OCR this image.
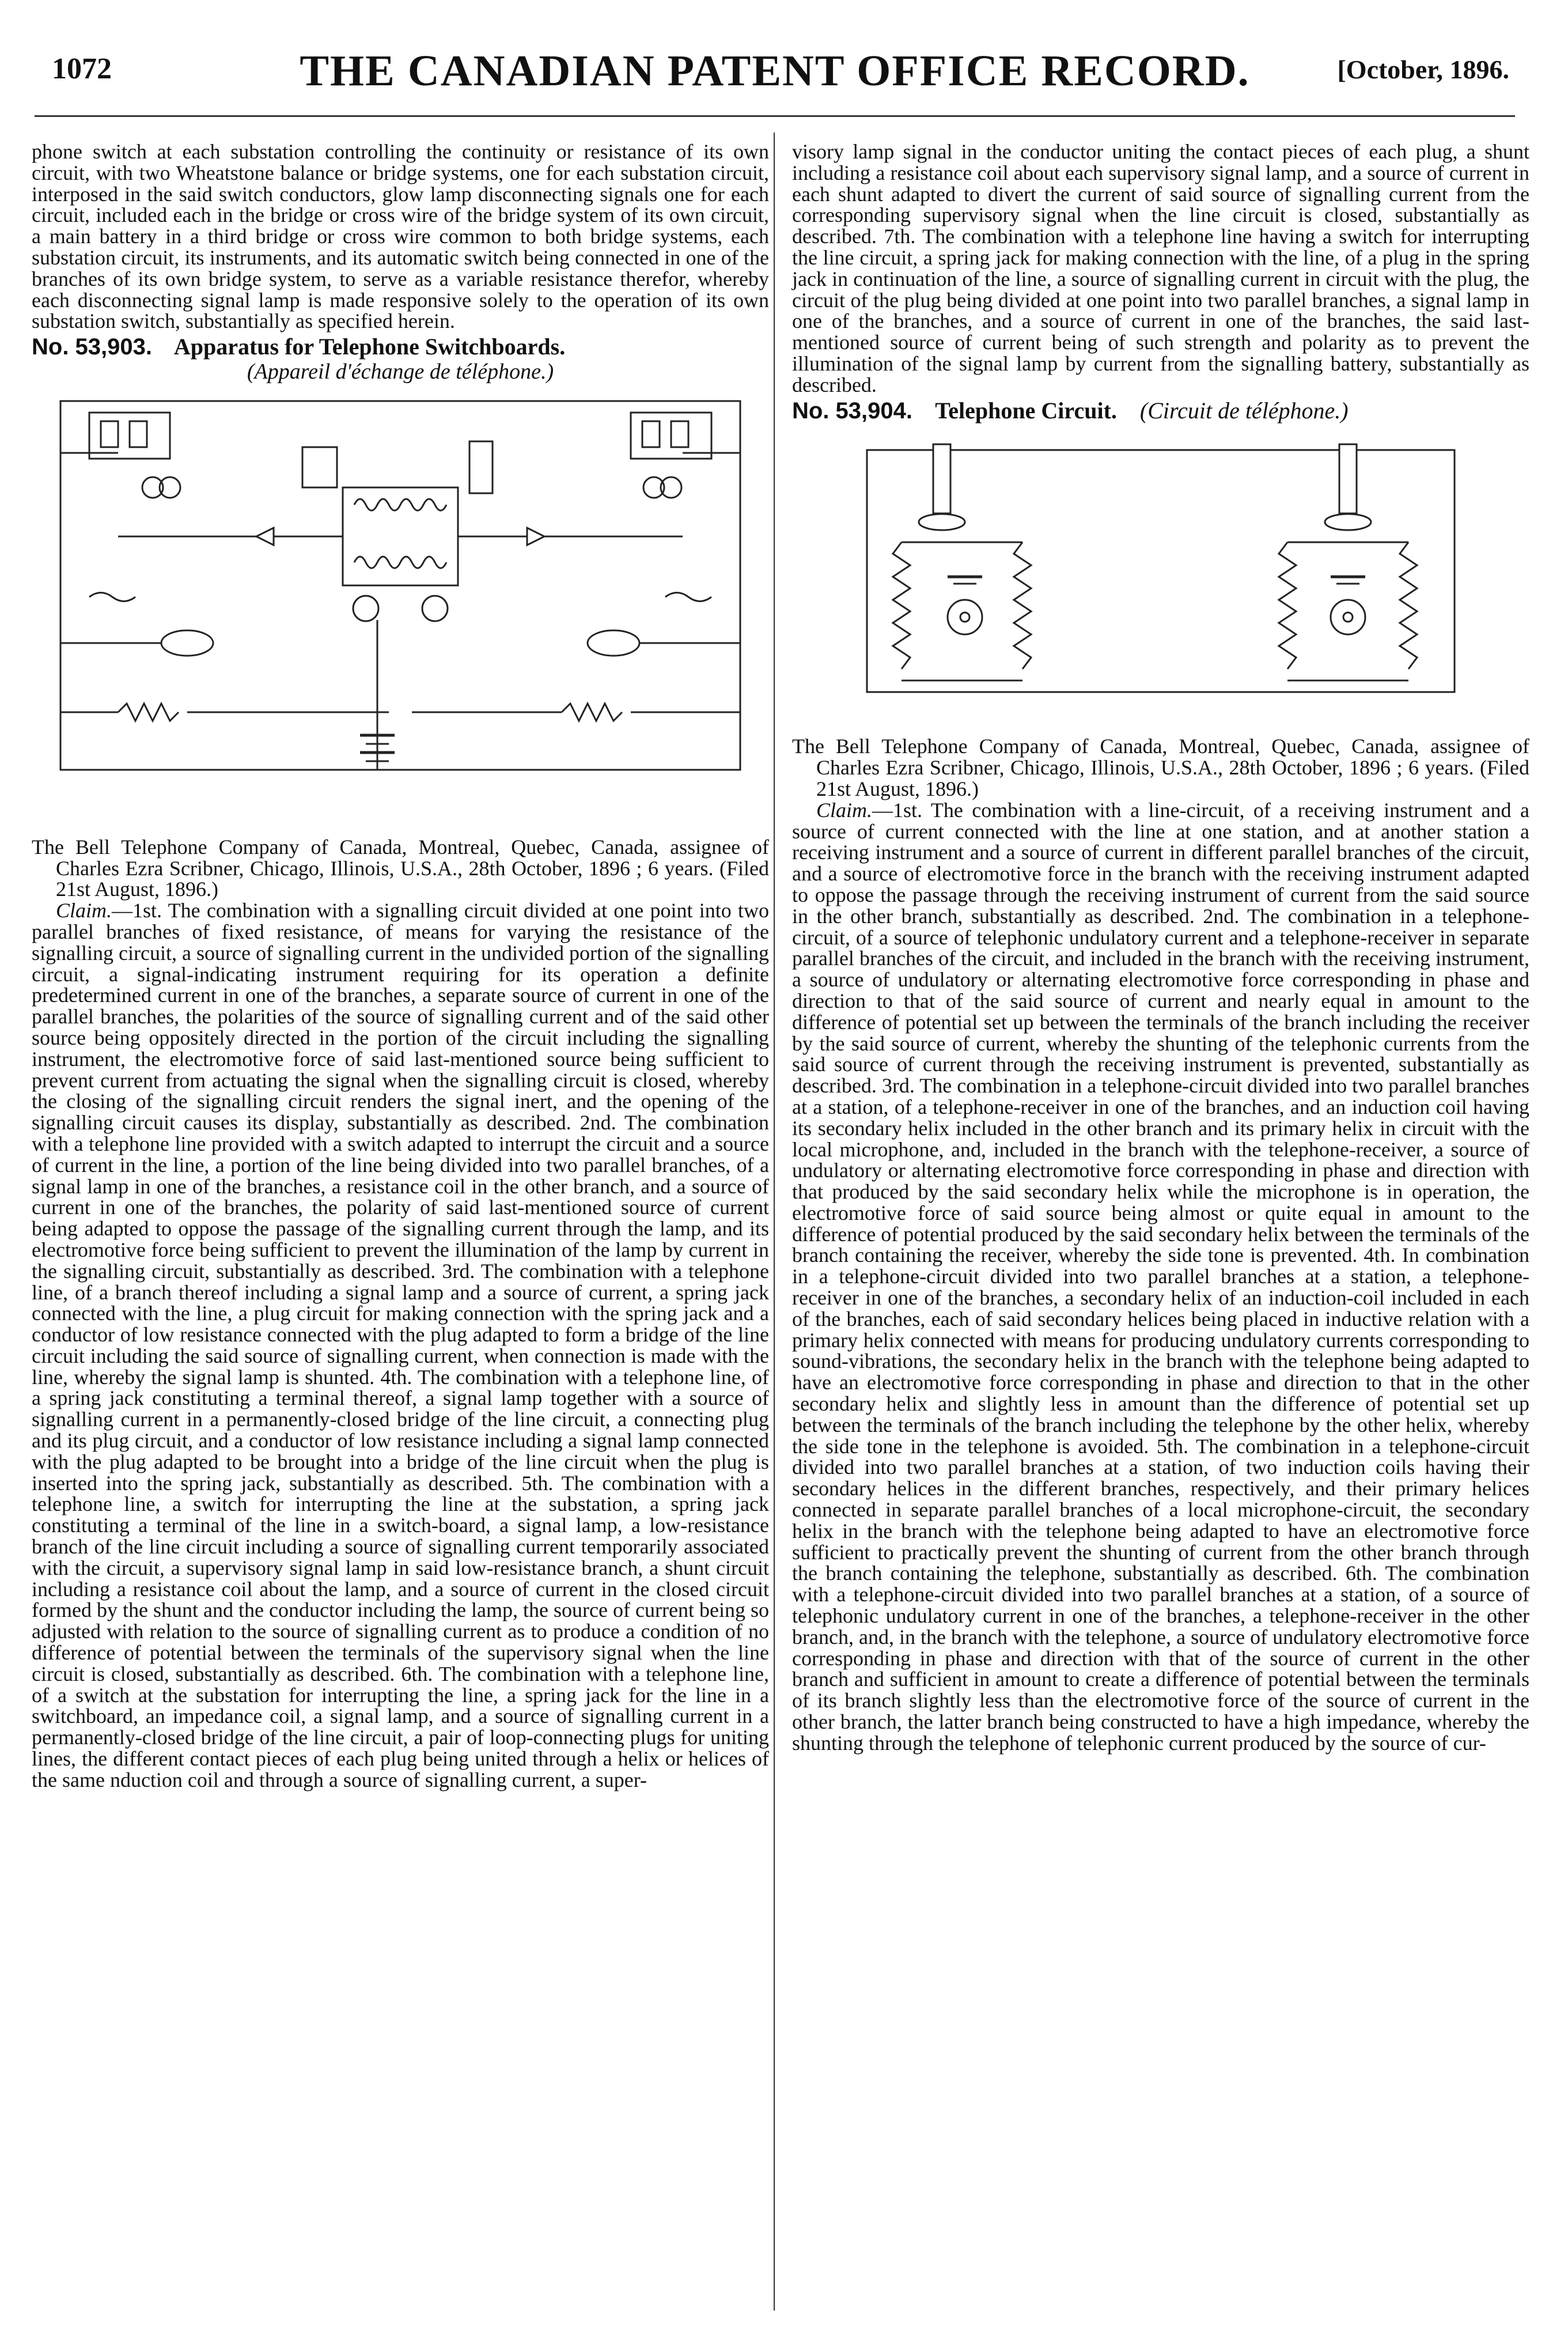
1072	THE CANADIAN PATENT OFFICE RECORD.	[October, 1896.

phone switch at each substation controlling the continuity or resistance of its own circuit, with two Wheatstone balance or bridge systems, one for each substation circuit, interposed in the said switch conductors, glow lamp disconnecting signals one for each circuit, included each in the bridge or cross wire of the bridge system of its own circuit, a main battery in a third bridge or cross wire common to both bridge systems, each substation circuit, its instruments, and its automatic switch being connected in one of the branches of its own bridge system, to serve as a variable resistance therefor, whereby each disconnecting signal lamp is made responsive solely to the operation of its own substation switch, substantially as specified herein.

No. 53,903. Apparatus for Telephone Switchboards.
(Appareil d'échange de téléphone.)

The Bell Telephone Company of Canada, Montreal, Quebec, Canada, assignee of Charles Ezra Scribner, Chicago, Illinois, U.S.A., 28th October, 1896 ; 6 years. (Filed 21st August, 1896.)

Claim.—1st. The combination with a signalling circuit divided at one point into two parallel branches of fixed resistance, of means for varying the resistance of the signalling circuit, a source of signalling current in the undivided portion of the signalling circuit, a signal-indicating instrument requiring for its operation a definite predetermined current in one of the branches, a separate source of current in one of the parallel branches, the polarities of the source of signalling current and of the said other source being oppositely directed in the portion of the circuit including the signalling instrument, the electromotive force of said last-mentioned source being sufficient to prevent current from actuating the signal when the signalling circuit is closed, whereby the closing of the signalling circuit renders the signal inert, and the opening of the signalling circuit causes its display, substantially as described. 2nd. The combination with a telephone line provided with a switch adapted to interrupt the circuit and a source of current in the line, a portion of the line being divided into two parallel branches, of a signal lamp in one of the branches, a resistance coil in the other branch, and a source of current in one of the branches, the polarity of said last-mentioned source of current being adapted to oppose the passage of the signalling current through the lamp, and its electromotive force being sufficient to prevent the illumination of the lamp by current in the signalling circuit, substantially as described. 3rd. The combination with a telephone line, of a branch thereof including a signal lamp and a source of current, a spring jack connected with the line, a plug circuit for making connection with the spring jack and a conductor of low resistance connected with the plug adapted to form a bridge of the line circuit including the said source of signalling current, when connection is made with the line, whereby the signal lamp is shunted. 4th. The combination with a telephone line, of a spring jack constituting a terminal thereof, a signal lamp together with a source of signalling current in a permanently-closed bridge of the line circuit, a connecting plug and its plug circuit, and a conductor of low resistance including a signal lamp connected with the plug adapted to be brought into a bridge of the line circuit when the plug is inserted into the spring jack, substantially as described. 5th. The combination with a telephone line, a switch for interrupting the line at the substation, a spring jack constituting a terminal of the line in a switch-board, a signal lamp, a low-resistance branch of the line circuit including a source of signalling current temporarily associated with the circuit, a supervisory signal lamp in said low-resistance branch, a shunt circuit including a resistance coil about the lamp, and a source of current in the closed circuit formed by the shunt and the conductor including the lamp, the source of current being so adjusted with relation to the source of signalling current as to produce a condition of no difference of potential between the terminals of the supervisory signal when the line circuit is closed, substantially as described. 6th. The combination with a telephone line, of a switch at the substation for interrupting the line, a spring jack for the line in a switchboard, an impedance coil, a signal lamp, and a source of signalling current in a permanently-closed bridge of the line circuit, a pair of loop-connecting plugs for uniting lines, the different contact pieces of each plug being united through a helix or helices of the same nduction coil and through a source of signalling current, a super-

visory lamp signal in the conductor uniting the contact pieces of each plug, a shunt including a resistance coil about each supervisory signal lamp, and a source of current in each shunt adapted to divert the current of said source of signalling current from the corresponding supervisory signal when the line circuit is closed, substantially as described. 7th. The combination with a telephone line having a switch for interrupting the line circuit, a spring jack for making connection with the line, of a plug in the spring jack in continuation of the line, a source of signalling current in circuit with the plug, the circuit of the plug being divided at one point into two parallel branches, a signal lamp in one of the branches, and a source of current in one of the branches, the said last-mentioned source of current being of such strength and polarity as to prevent the illumination of the signal lamp by current from the signalling battery, substantially as described.

No. 53,904. Telephone Circuit. (Circuit de téléphone.)

The Bell Telephone Company of Canada, Montreal, Quebec, Canada, assignee of Charles Ezra Scribner, Chicago, Illinois, U.S.A., 28th October, 1896 ; 6 years. (Filed 21st August, 1896.)

Claim.—1st. The combination with a line-circuit, of a receiving instrument and a source of current connected with the line at one station, and at another station a receiving instrument and a source of current in different parallel branches of the circuit, and a source of electromotive force in the branch with the receiving instrument adapted to oppose the passage through the receiving instrument of current from the said source in the other branch, substantially as described. 2nd. The combination in a telephone-circuit, of a source of telephonic undulatory current and a telephone-receiver in separate parallel branches of the circuit, and included in the branch with the receiving instrument, a source of undulatory or alternating electromotive force corresponding in phase and direction to that of the said source of current and nearly equal in amount to the difference of potential set up between the terminals of the branch including the receiver by the said source of current, whereby the shunting of the telephonic currents from the said source of current through the receiving instrument is prevented, substantially as described. 3rd. The combination in a telephone-circuit divided into two parallel branches at a station, of a telephone-receiver in one of the branches, and an induction coil having its secondary helix included in the other branch and its primary helix in circuit with the local microphone, and, included in the branch with the telephone-receiver, a source of undulatory or alternating electromotive force corresponding in phase and direction with that produced by the said secondary helix while the microphone is in operation, the electromotive force of said source being almost or quite equal in amount to the difference of potential produced by the said secondary helix between the terminals of the branch containing the receiver, whereby the side tone is prevented. 4th. In combination in a telephone-circuit divided into two parallel branches at a station, a telephone-receiver in one of the branches, a secondary helix of an induction-coil included in each of the branches, each of said secondary helices being placed in inductive relation with a primary helix connected with means for producing undulatory currents corresponding to sound-vibrations, the secondary helix in the branch with the telephone being adapted to have an electromotive force corresponding in phase and direction to that in the other secondary helix and slightly less in amount than the difference of potential set up between the terminals of the branch including the telephone by the other helix, whereby the side tone in the telephone is avoided. 5th. The combination in a telephone-circuit divided into two parallel branches at a station, of two induction coils having their secondary helices in the different branches, respectively, and their primary helices connected in separate parallel branches of a local microphone-circuit, the secondary helix in the branch with the telephone being adapted to have an electromotive force sufficient to practically prevent the shunting of current from the other branch through the branch containing the telephone, substantially as described. 6th. The combination with a telephone-circuit divided into two parallel branches at a station, of a source of telephonic undulatory current in one of the branches, a telephone-receiver in the other branch, and, in the branch with the telephone, a source of undulatory electromotive force corresponding in phase and direction with that of the source of current in the other branch and sufficient in amount to create a difference of potential between the terminals of its branch slightly less than the electromotive force of the source of current in the other branch, the latter branch being constructed to have a high impedance, whereby the shunting through the telephone of telephonic current produced by the source of cur-
